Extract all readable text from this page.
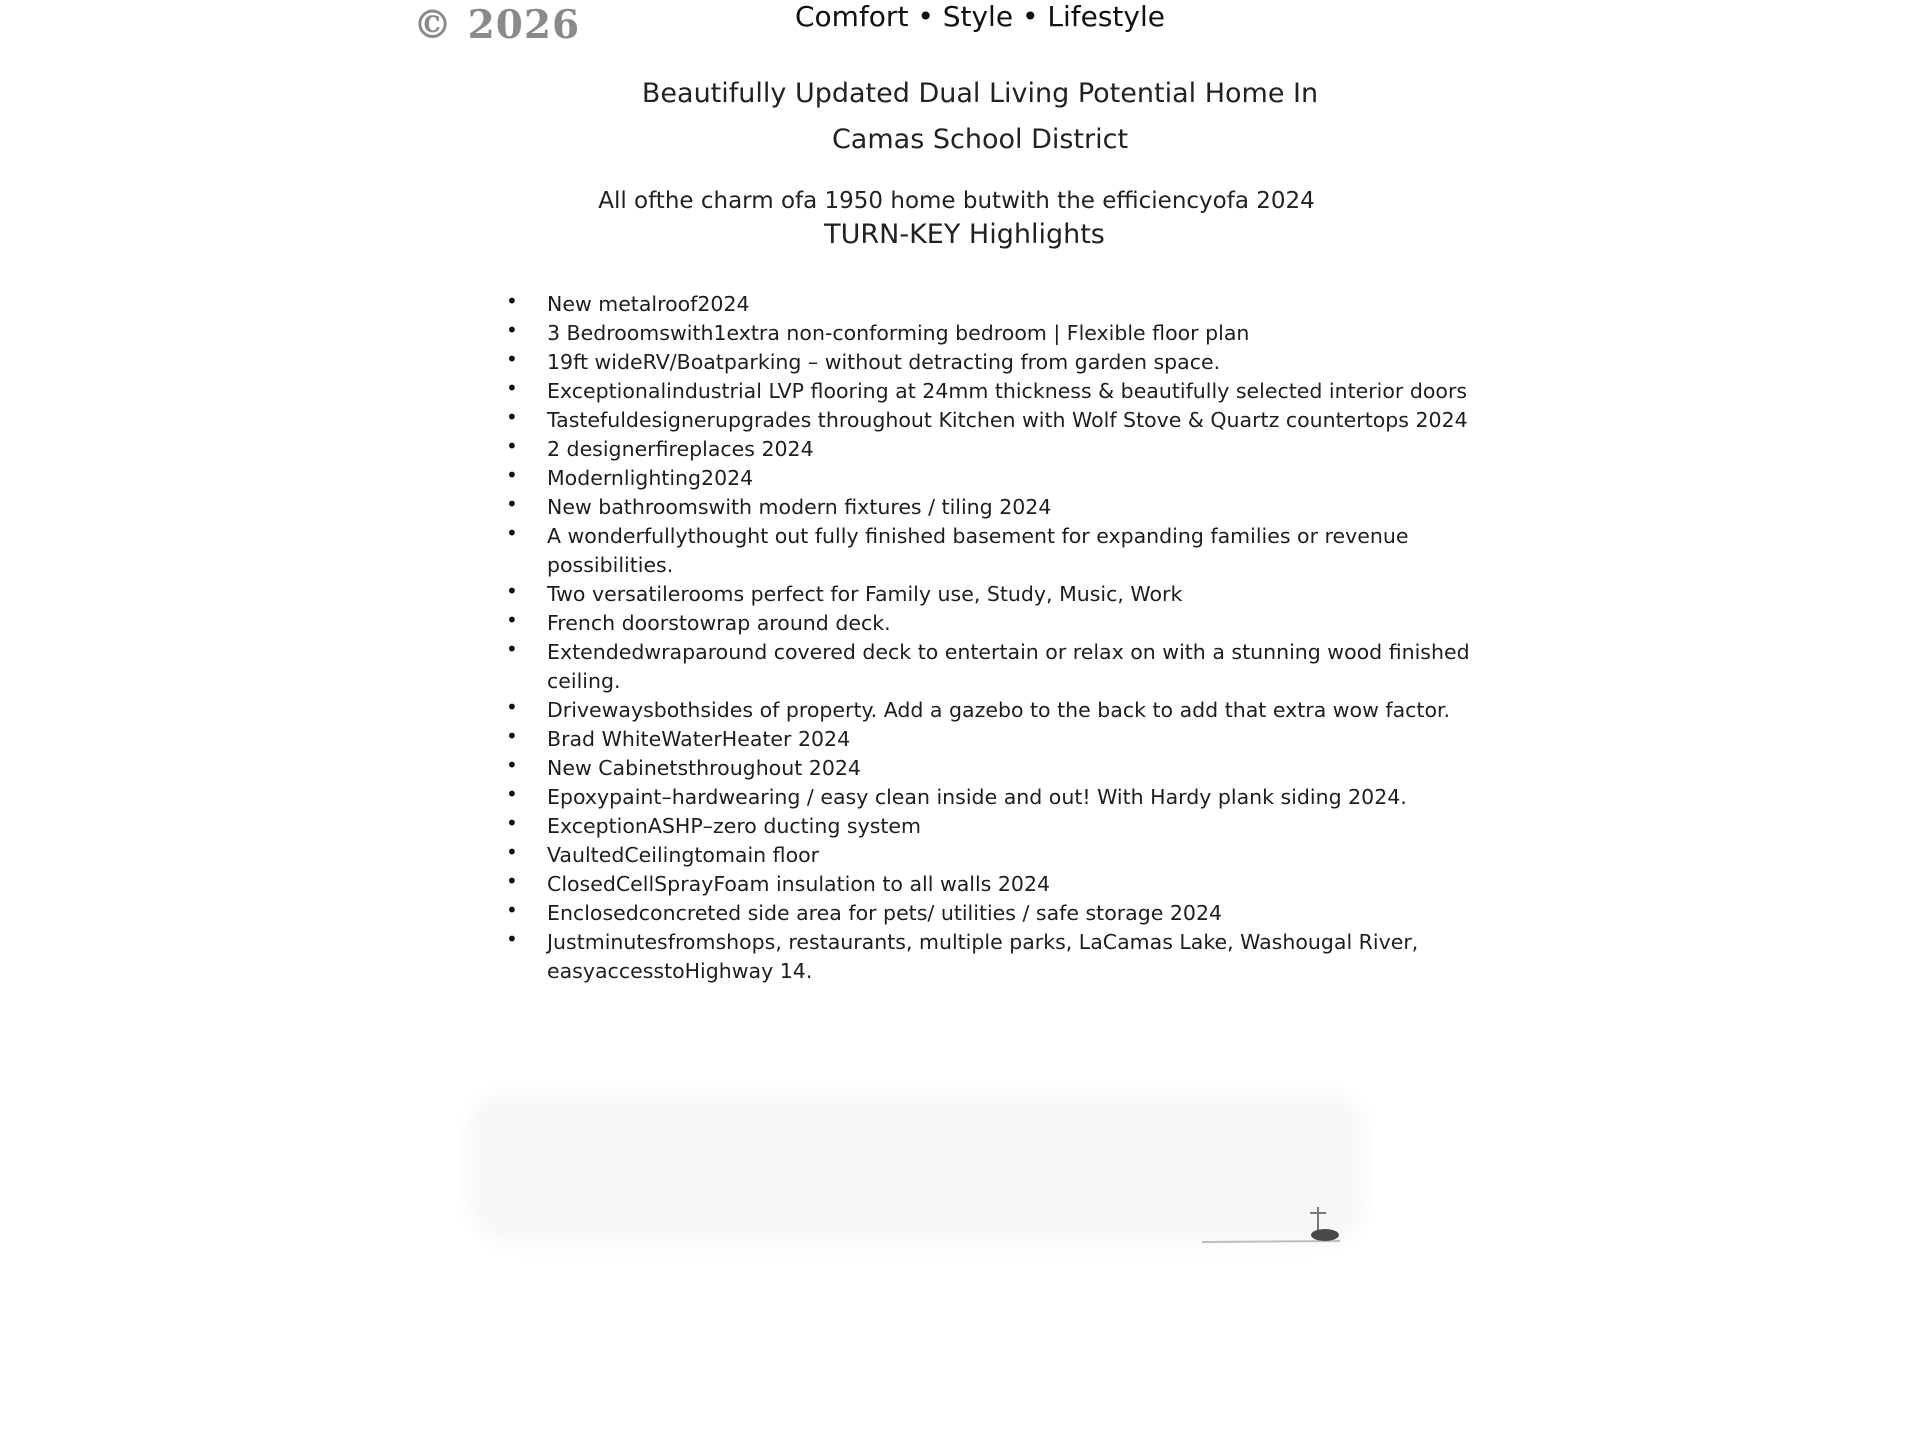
© 2026	Comfort • Style • Lifestyle
Beautifully Updated Dual Living Potential Home In
Camas School District
All ofthe charm ofa 1950 home butwith the efficiencyofa 2024
TURN-KEY Highlights
• New metalroof2024
• 3 Bedroomswith1extra non-conforming bedroom | Flexible floor plan
• 19ft wideRV/Boatparking – without detracting from garden space.
• Exceptionalindustrial LVP flooring at 24mm thickness & beautifully selected interior doors
• Tastefuldesignerupgrades throughout Kitchen with Wolf Stove & Quartz countertops 2024
• 2 designerfireplaces 2024
• Modernlighting2024
• New bathroomswith modern fixtures / tiling 2024
• A wonderfullythought out fully finished basement for expanding families or revenue possibilities.
• Two versatilerooms perfect for Family use, Study, Music, Work
• French doorstowrap around deck.
• Extendedwraparound covered deck to entertain or relax on with a stunning wood finished ceiling.
• Drivewaysbothsides of property. Add a gazebo to the back to add that extra wow factor.
• Brad WhiteWaterHeater 2024
• New Cabinetsthroughout 2024
• Epoxypaint–hardwearing / easy clean inside and out! With Hardy plank siding 2024.
• ExceptionASHP–zero ducting system
• VaultedCeilingtomain floor
• ClosedCellSprayFoam insulation to all walls 2024
• Enclosedconcreted side area for pets/ utilities / safe storage 2024
• Justminutesfromshops, restaurants, multiple parks, LaCamas Lake, Washougal River, easyaccesstoHighway 14.
